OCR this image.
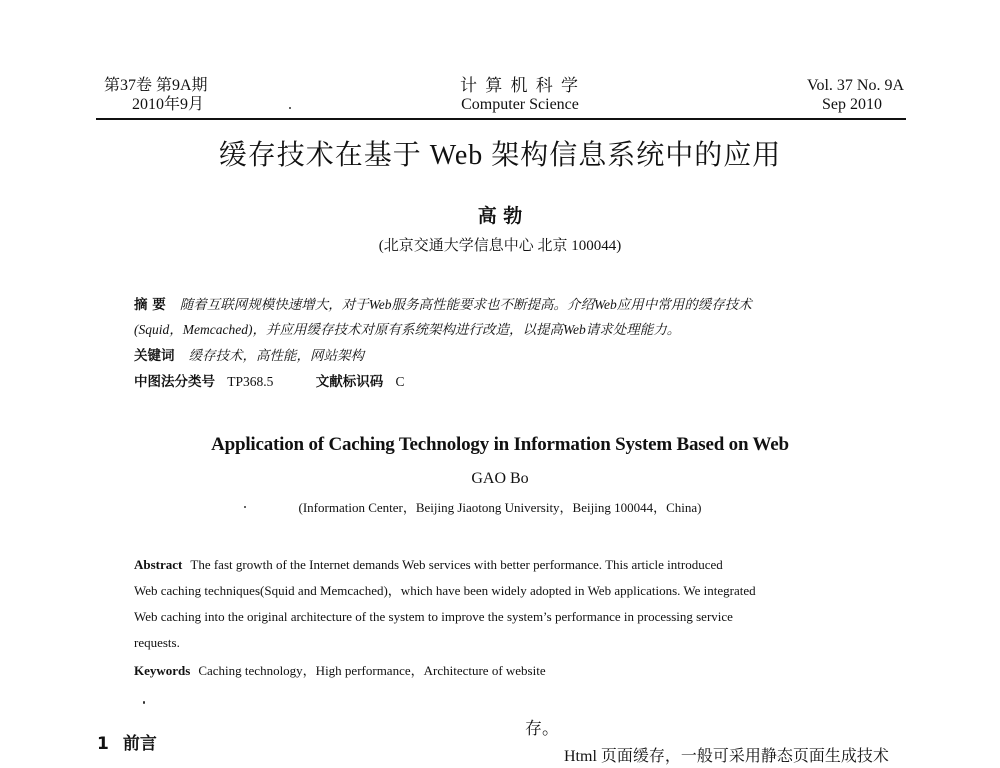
第37卷 第9A期
2010年9月
计 算 机 科 学
Computer Science
Vol. 37 No. 9A
Sep 2010
缓存技术在基于 Web 架构信息系统中的应用
高 勃
(北京交通大学信息中心 北京 100044)
摘 要 随着互联网规模快速增大，对于Web服务高性能要求也不断提高。介绍Web应用中常用的缓存技术
(Squid，Memcached)，并应用缓存技术对原有系统架构进行改造，以提高Web请求处理能力。
关键词 缓存技术，高性能，网站架构
中图法分类号 TP368.5	文献标识码 C
Application of Caching Technology in Information System Based on Web
GAO Bo
(Information Center，Beijing Jiaotong University，Beijing 100044，China)
Abstract The fast growth of the Internet demands Web services with better performance. This article introduced
Web caching techniques(Squid and Memcached)，which have been widely adopted in Web applications. We integrated
Web caching into the original architecture of the system to improve the system’s performance in processing service
requests.
Keywords Caching technology，High performance，Architecture of website
1 前言
存。
Html 页面缓存，一般可采用静态页面生成技术
